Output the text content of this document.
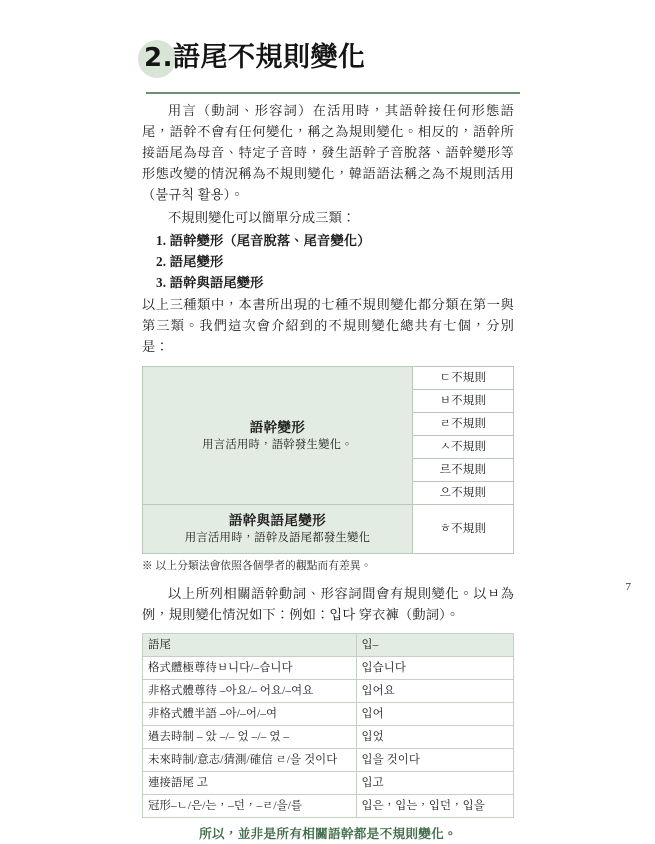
2.語尾不規則變化

用言（動詞、形容詞）在活用時，其語幹接任何形態語尾，語幹不會有任何變化，稱之為規則變化。相反的，語幹所接語尾為母音、特定子音時，發生語幹子音脫落、語幹變形等形態改變的情況稱為不規則變化，韓語語法稱之為不規則活用（불규칙 활용）。

不規則變化可以簡單分成三類：

語幹變形（尾音脫落、尾音變化）
語尾變形
語幹與語尾變形

以上三種類中，本書所出現的七種不規則變化都分類在第一與第三類。我們這次會介紹到的不規則變化總共有七個，分別是：

語幹變形
用言活用時，語幹發生變化。	ㄷ不規則
	ㅂ不規則
	ㄹ不規則
	ㅅ不規則
	르不規則
	으不規則

語幹與語尾變形
用言活用時，語幹及語尾都發生變化	ㅎ不規則

※ 以上分類法會依照各個學者的觀點而有差異。

以上所列相關語幹動詞、形容詞間會有規則變化。以ㅂ為例，規則變化情況如下：例如：입다 穿衣褲（動詞）。

語尾	입–
格式體極尊待ㅂ니다/–습니다	입습니다
非格式體尊待 –아요/– 어요/–여요	입어요
非格式體半語 –아/–어/–여	입어
過去時制 – 았 –/– 었 –/– 였 –	입었
未來時制/意志/猜測/確信 ㄹ/을 것이다	입을 것이다
連接語尾 고	입고
冠形–ㄴ/은/는，–던，–ㄹ/을/를	입은，입는，입던，입을

所以，並非是所有相關語幹都是不規則變化。

7
